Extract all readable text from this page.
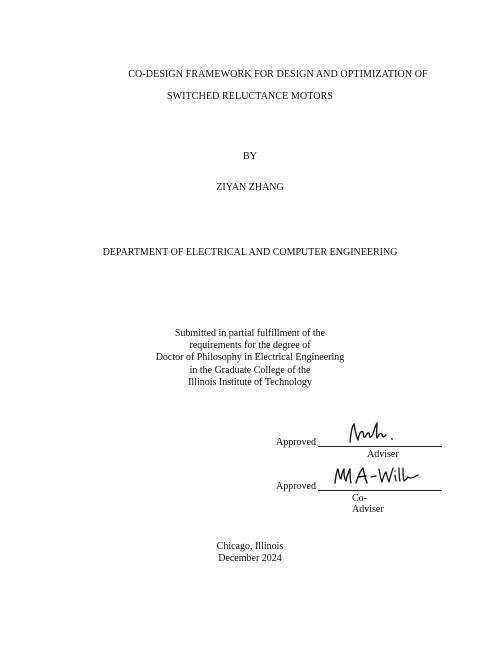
CO-DESIGN FRAMEWORK FOR DESIGN AND OPTIMIZATION OF
SWITCHED RELUCTANCE MOTORS
BY
ZIYAN ZHANG
DEPARTMENT OF ELECTRICAL AND COMPUTER ENGINEERING
Submitted in partial fulfillment of the
requirements for the degree of
Doctor of Philosophy in Electrical Engineering
in the Graduate College of the
Illinois Institute of Technology
Approved
Adviser
Approved
Co-Adviser
Chicago, Illinois
December 2024
